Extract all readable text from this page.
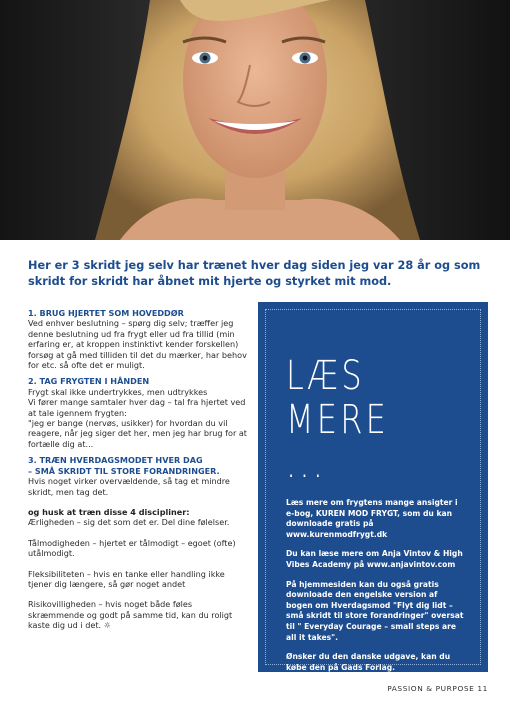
Her er 3 skridt jeg selv har trænet hver dag siden jeg var 28 år og som skridt for skridt har åbnet mit hjerte og styrket mit mod.

1. BRUG HJERTET SOM HOVEDDØR

Ved enhver beslutning – spørg dig selv; træffer jeg denne beslutning ud fra frygt eller ud fra tillid (min erfaring er, at kroppen instinktivt kender forskellen) forsøg at gå med tilliden til det du mærker, har behov for etc. så ofte det er muligt.

2. TAG FRYGTEN I HÅNDEN

Frygt skal ikke undertrykkes, men udtrykkes

Vi fører mange samtaler hver dag – tal fra hjertet ved at tale igennem frygten:

"jeg er bange (nervøs, usikker) for hvordan du vil reagere, når jeg siger det her, men jeg har brug for at fortælle dig at...

3. TRÆN HVERDAGSMODET HVER DAG

– SMÅ SKRIDT TIL STORE FORANDRINGER.

Hvis noget virker overvældende, så tag et mindre skridt, men tag det.

og husk at træn disse 4 discipliner:

Ærligheden – sig det som det er. Del dine følelser.

Tålmodigheden – hjertet er tålmodigt – egoet (ofte) utålmodigt.

Fleksibiliteten – hvis en tanke eller handling ikke tjener dig længere, så gør noget andet

Risikovilligheden – hvis noget både føles skræmmende og godt på samme tid, kan du roligt kaste dig ud i det. ☼

LÆS MERE ...

Læs mere om frygtens mange ansigter i e-bog, KUREN MOD FRYGT, som du kan downloade gratis på www.kurenmodfrygt.dk

Du kan læse mere om Anja Vintov & High Vibes Academy på www.anjavintov.com

På hjemmesiden kan du også gratis downloade den engelske version af bogen om Hverdagsmod "Flyt dig lidt – små skridt til store forandringer" oversat til " Everyday Courage – small steps are all it takes".

Ønsker du den danske udgave, kan du købe den på Gads Forlag.

www.gads-forlag.dk	PASSION & PURPOSE 11
